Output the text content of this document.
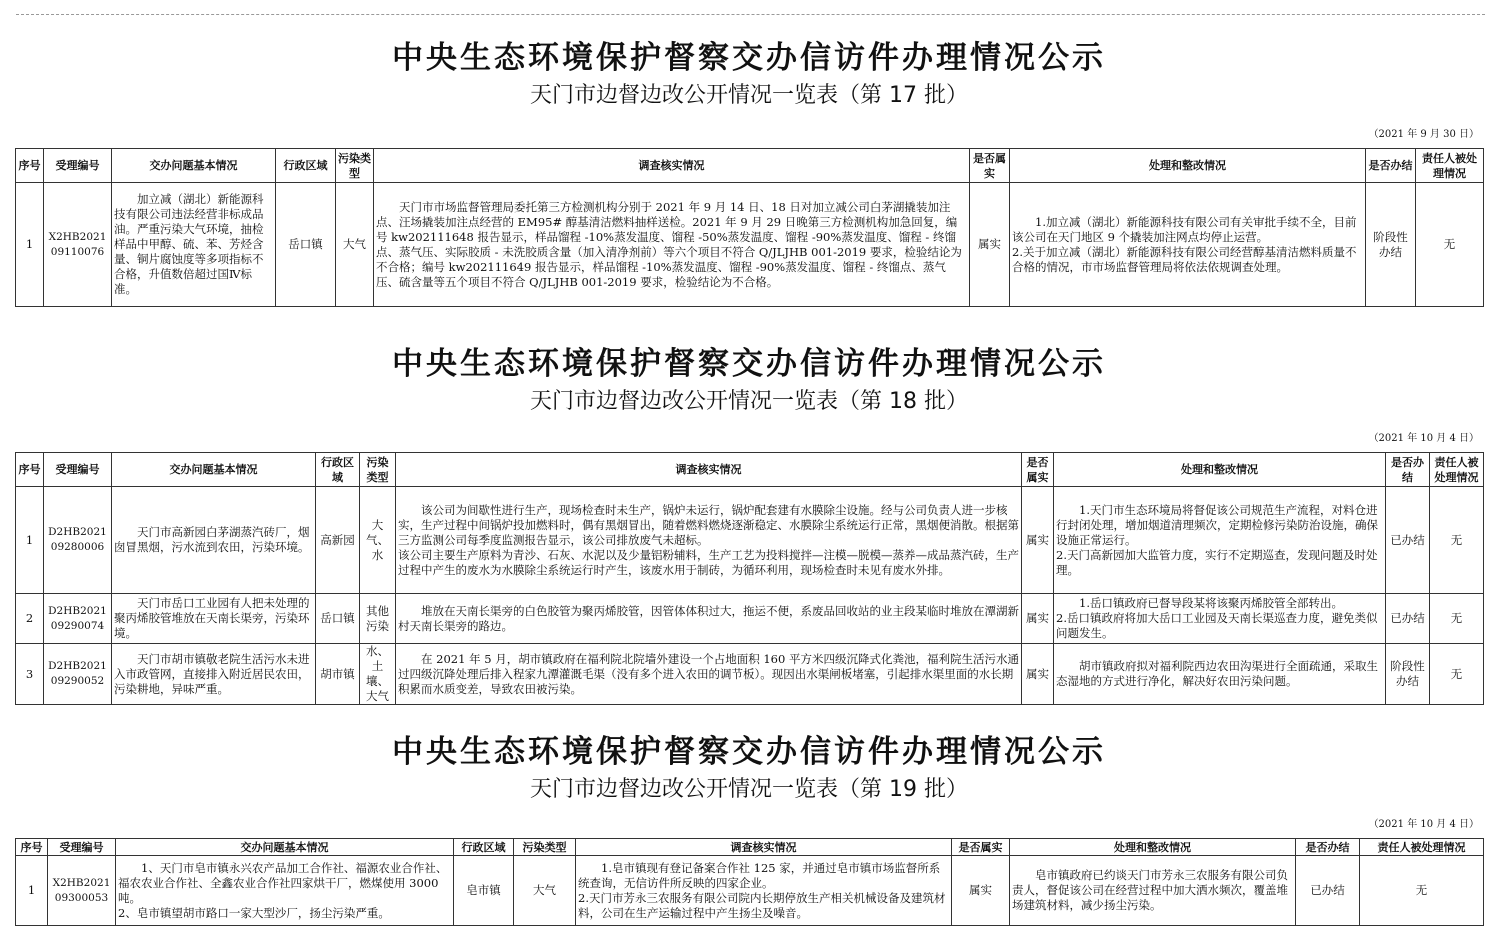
中央生态环境保护督察交办信访件办理情况公示
天门市边督边改公开情况一览表（第 17 批）
（2021 年 9 月 30 日）
序号	受理编号	交办问题基本情况	行政区域	污染类型	调查核实情况	是否属实	处理和整改情况	是否办结	责任人被处理情况
1	X2HB2021 09110076	加立减（湖北）新能源科技有限公司违法经营非标成品油。严重污染大气环境，抽检样品中甲醇、硫、苯、芳烃含量、铜片腐蚀度等多项指标不合格，升值数倍超过国Ⅳ标准。	岳口镇	大气	天门市市场监督管理局委托第三方检测机构分别于 2021 年 9 月 14 日、18 日对加立减公司白茅湖撬装加注点、汪场撬装加注点经营的 EM95# 醇基清洁燃料抽样送检。2021 年 9 月 29 日晚第三方检测机构加急回复，编号 kw202111648 报告显示，样品馏程 -10%蒸发温度、馏程 -50%蒸发温度、馏程 -90%蒸发温度、馏程 - 终馏点、蒸气压、实际胶质 - 未洗胶质含量（加入清净剂前）等六个项目不符合 Q/JLJHB 001-2019 要求，检验结论为不合格；编号 kw202111649 报告显示，样品馏程 -10%蒸发温度、馏程 -90%蒸发温度、馏程 - 终馏点、蒸气压、硫含量等五个项目不符合 Q/JLJHB 001-2019 要求，检验结论为不合格。	属实	1.加立减（湖北）新能源科技有限公司有关审批手续不全，目前该公司在天门地区 9 个撬装加注网点均停止运营。
2.关于加立减（湖北）新能源科技有限公司经营醇基清洁燃料质量不合格的情况，市市场监督管理局将依法依规调查处理。	阶段性办结	无
中央生态环境保护督察交办信访件办理情况公示
天门市边督边改公开情况一览表（第 18 批）
（2021 年 10 月 4 日）
序号	受理编号	交办问题基本情况	行政区域	污染类型	调查核实情况	是否属实	处理和整改情况	是否办结	责任人被处理情况
1	D2HB2021 09280006	天门市高新园白茅湖蒸汽砖厂，烟囱冒黑烟，污水流到农田，污染环境。	高新园	大气、水	该公司为间歇性进行生产，现场检查时未生产，锅炉未运行，锅炉配套建有水膜除尘设施。经与公司负责人进一步核实，生产过程中间锅炉投加燃料时，偶有黑烟冒出，随着燃料燃烧逐渐稳定、水膜除尘系统运行正常，黑烟便消散。根据第三方监测公司每季度监测报告显示，该公司排放废气未超标。
该公司主要生产原料为青沙、石灰、水泥以及少量铝粉辅料，生产工艺为投料搅拌—注模—脱模—蒸养—成品蒸汽砖，生产过程中产生的废水为水膜除尘系统运行时产生，该废水用于制砖，为循环利用，现场检查时未见有废水外排。	属实	1.天门市生态环境局将督促该公司规范生产流程，对料仓进行封闭处理，增加烟道清理频次，定期检修污染防治设施，确保设施正常运行。
2.天门高新园加大监管力度，实行不定期巡查，发现问题及时处理。	已办结	无
2	D2HB2021 09290074	天门市岳口工业园有人把未处理的聚丙烯胶管堆放在天南长渠旁，污染环境。	岳口镇	其他污染	堆放在天南长渠旁的白色胶管为聚丙烯胶管，因管体体积过大，拖运不便，系废品回收站的业主段某临时堆放在潭湖新村天南长渠旁的路边。	属实	1.岳口镇政府已督导段某将该聚丙烯胶管全部转出。
2.岳口镇政府将加大岳口工业园及天南长渠巡查力度，避免类似问题发生。	已办结	无
3	D2HB2021 09290052	天门市胡市镇敬老院生活污水未进入市政管网，直接排入附近居民农田，污染耕地，异味严重。	胡市镇	水、土壤、大气	在 2021 年 5 月，胡市镇政府在福利院北院墙外建设一个占地面积 160 平方米四级沉降式化粪池，福利院生活污水通过四级沉降处理后排入程家九潭灌溉毛渠（没有多个进入农田的调节板）。现因出水渠闸板堵塞，引起排水渠里面的水长期积累而水质变差，导致农田被污染。	属实	胡市镇政府拟对福利院西边农田沟渠进行全面疏通，采取生态湿地的方式进行净化，解决好农田污染问题。	阶段性办结	无
中央生态环境保护督察交办信访件办理情况公示
天门市边督边改公开情况一览表（第 19 批）
（2021 年 10 月 4 日）
序号	受理编号	交办问题基本情况	行政区域	污染类型	调查核实情况	是否属实	处理和整改情况	是否办结	责任人被处理情况
1	X2HB2021 09300053	1、天门市皂市镇永兴农产品加工合作社、福源农业合作社、福农农业合作社、全鑫农业合作社四家烘干厂，燃煤使用 3000 吨。
2、皂市镇望胡市路口一家大型沙厂，扬尘污染严重。	皂市镇	大气	1.皂市镇现有登记备案合作社 125 家，并通过皂市镇市场监督所系统查询，无信访件所反映的四家企业。
2.天门市芳永三农服务有限公司院内长期停放生产相关机械设备及建筑材料，公司在生产运输过程中产生扬尘及噪音。	属实	皂市镇政府已约谈天门市芳永三农服务有限公司负责人，督促该公司在经营过程中加大洒水频次，覆盖堆场建筑材料，减少扬尘污染。	已办结	无
